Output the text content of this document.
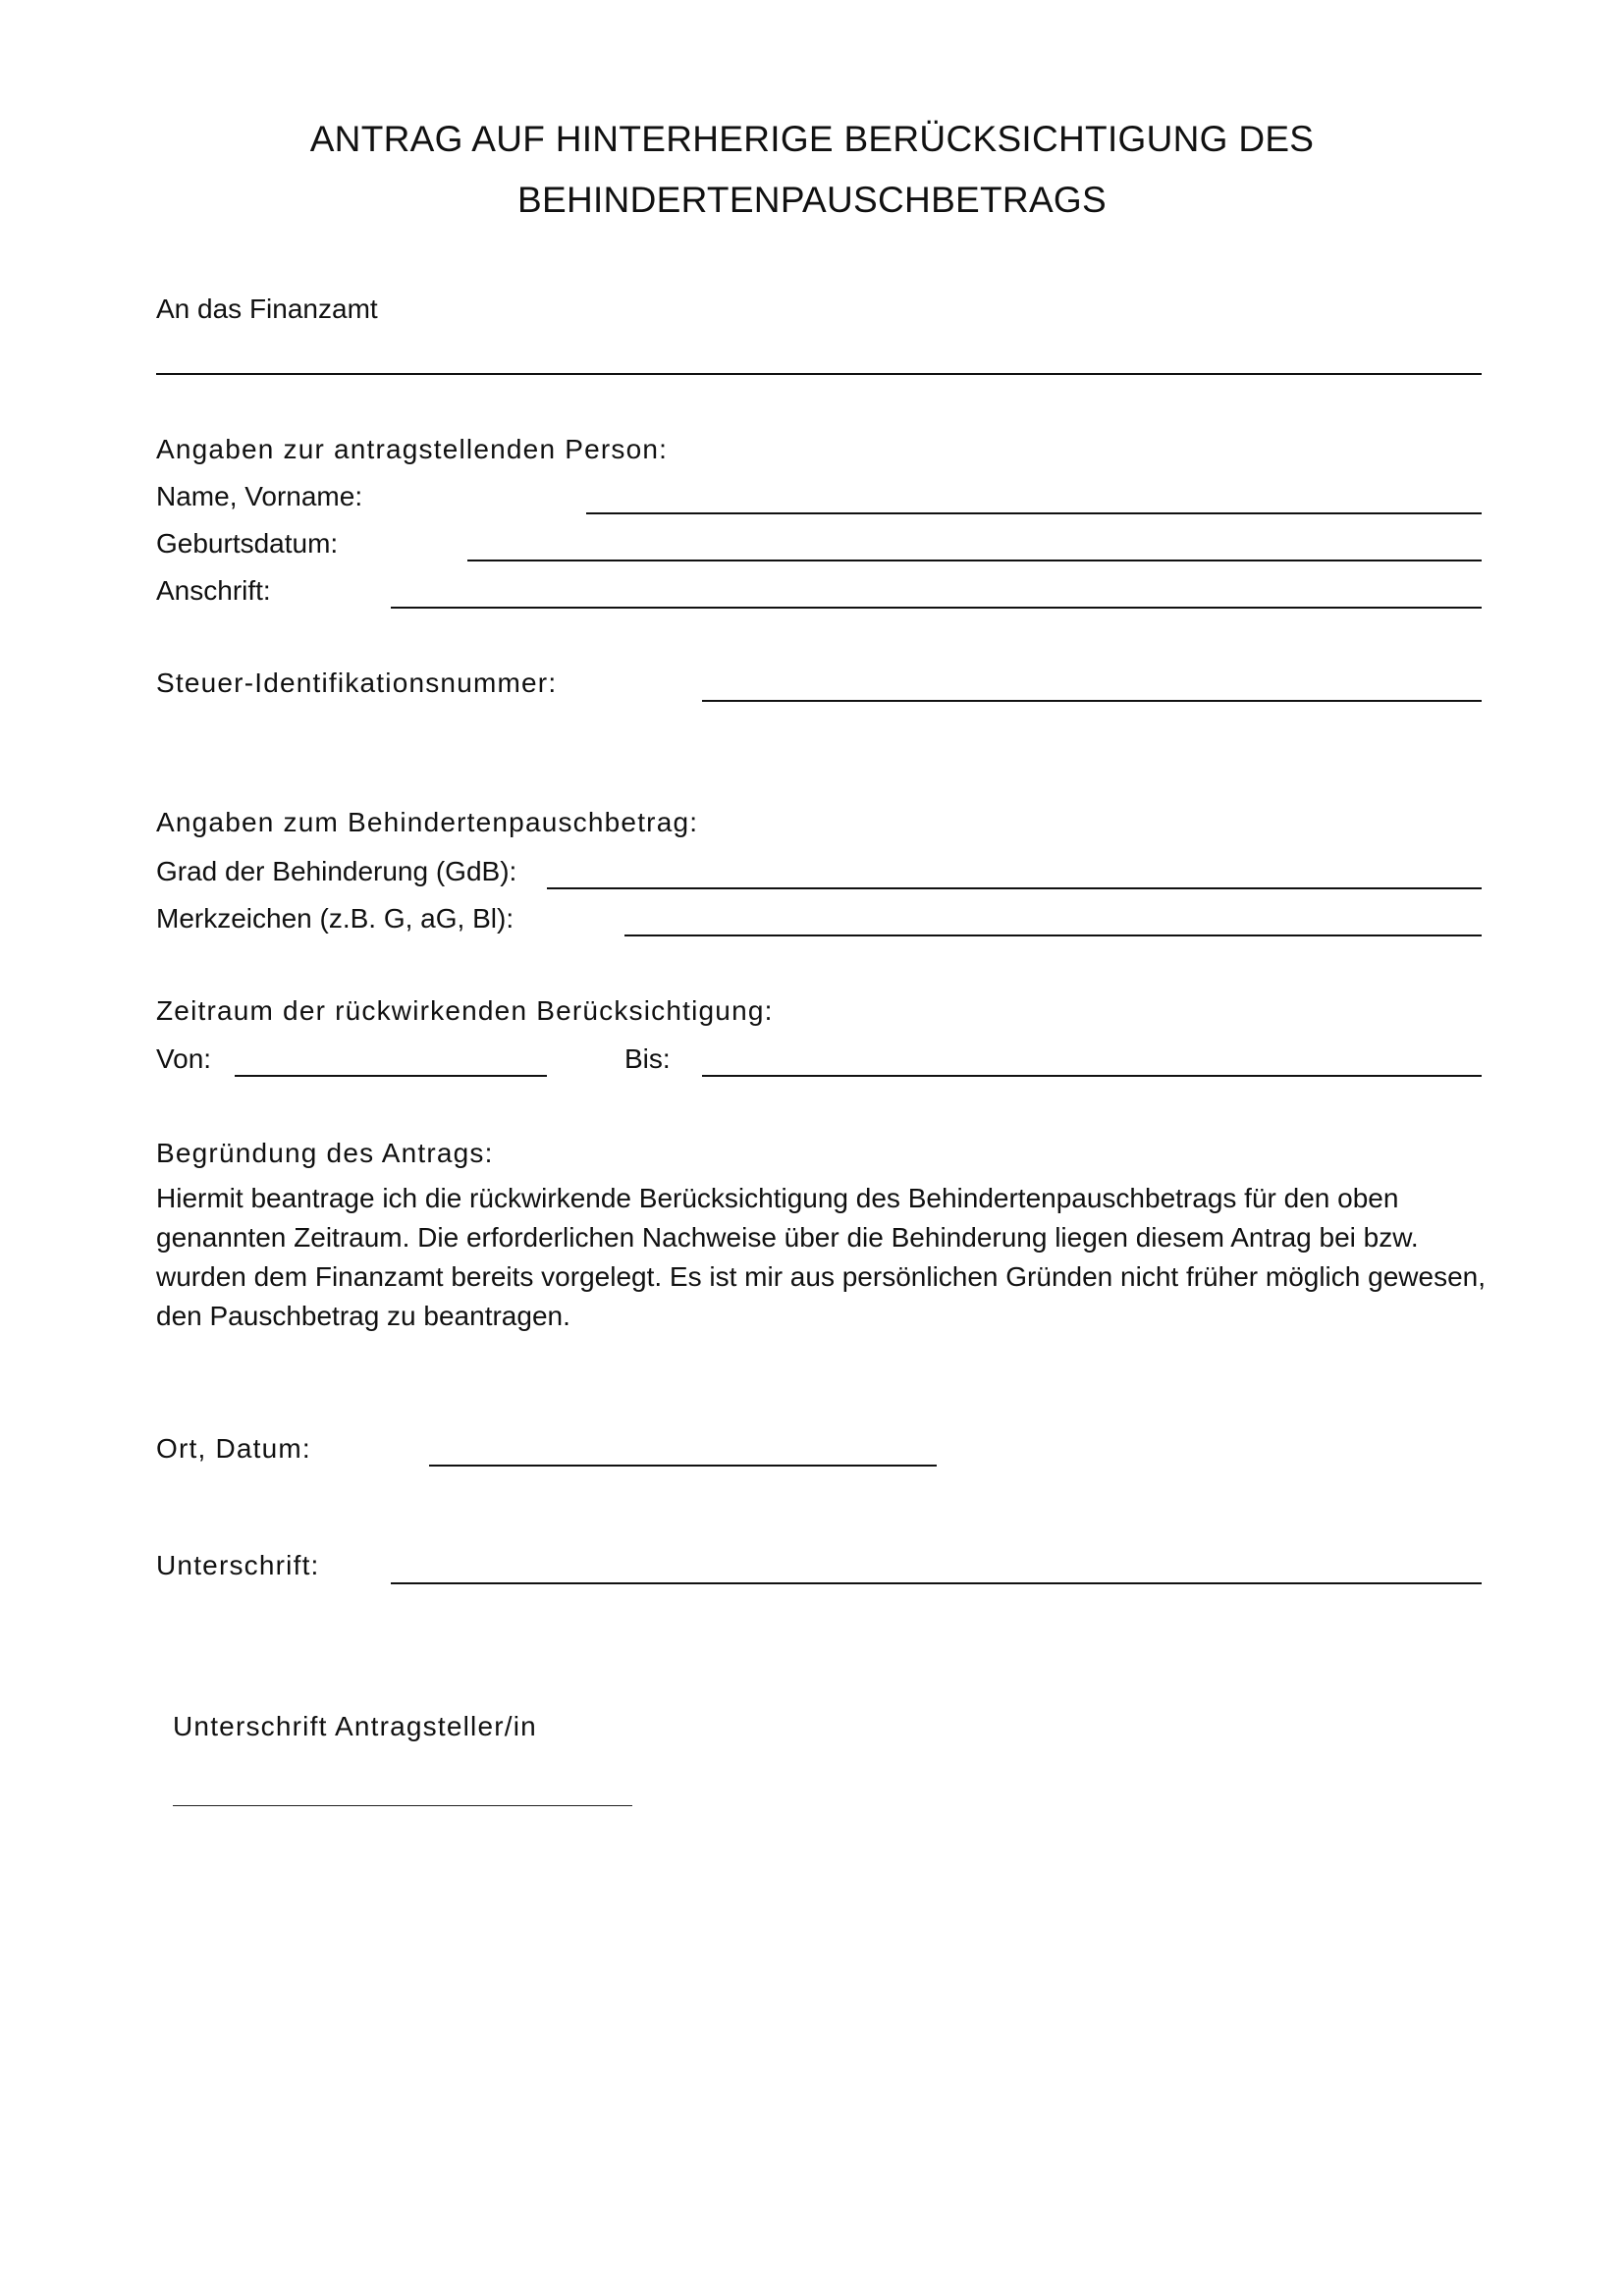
ANTRAG AUF HINTERHERIGE BERÜCKSICHTIGUNG DES
BEHINDERTENPAUSCHBETRAGS
An das Finanzamt
Angaben zur antragstellenden Person:
Name, Vorname:
Geburtsdatum:
Anschrift:
Steuer-Identifikationsnummer:
Angaben zum Behindertenpauschbetrag:
Grad der Behinderung (GdB):
Merkzeichen (z.B. G, aG, Bl):
Zeitraum der rückwirkenden Berücksichtigung:
Von:	Bis:
Begründung des Antrags:

Hiermit beantrage ich die rückwirkende Berücksichtigung des Behindertenpauschbetrags für den oben genannten Zeitraum. Die erforderlichen Nachweise über die Behinderung liegen diesem Antrag bei bzw. wurden dem Finanzamt bereits vorgelegt. Es ist mir aus persönlichen Gründen nicht früher möglich gewesen, den Pauschbetrag zu beantragen.

Ort, Datum:
Unterschrift:
Unterschrift Antragsteller/in
